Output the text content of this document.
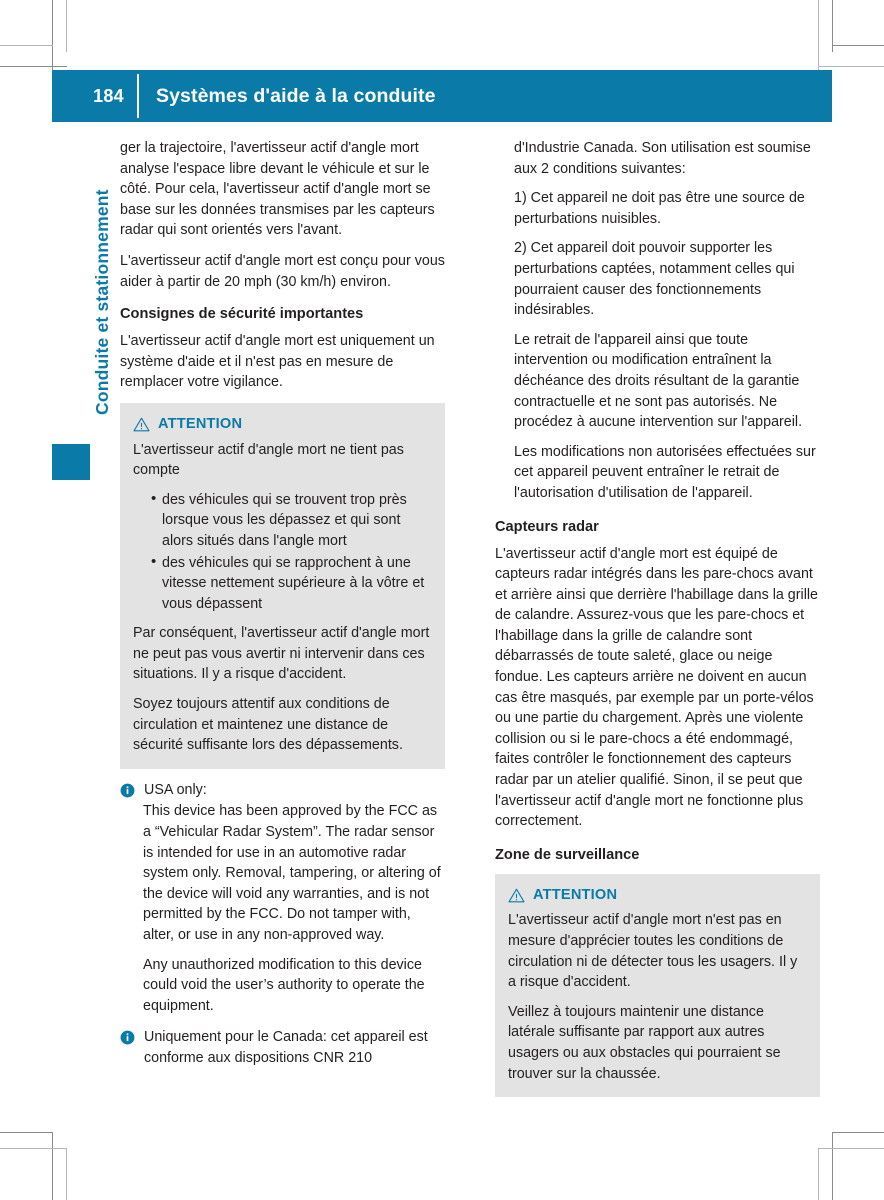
184	Systèmes d'aide à la conduite
Conduite et stationnement

ger la trajectoire, l'avertisseur actif d'angle mort analyse l'espace libre devant le véhicule et sur le côté. Pour cela, l'avertisseur actif d'angle mort se base sur les données transmises par les capteurs radar qui sont orientés vers l'avant.

L'avertisseur actif d'angle mort est conçu pour vous aider à partir de 20 mph (30 km/h) environ.

Consignes de sécurité importantes

L'avertisseur actif d'angle mort est uniquement un système d'aide et il n'est pas en mesure de remplacer votre vigilance.

ATTENTION

L'avertisseur actif d'angle mort ne tient pas compte

• des véhicules qui se trouvent trop près lorsque vous les dépassez et qui sont alors situés dans l'angle mort
• des véhicules qui se rapprochent à une vitesse nettement supérieure à la vôtre et vous dépassent

Par conséquent, l'avertisseur actif d'angle mort ne peut pas vous avertir ni intervenir dans ces situations. Il y a risque d'accident.

Soyez toujours attentif aux conditions de circulation et maintenez une distance de sécurité suffisante lors des dépassements.

USA only:

This device has been approved by the FCC as a “Vehicular Radar System”. The radar sensor is intended for use in an automotive radar system only. Removal, tampering, or altering of the device will void any warranties, and is not permitted by the FCC. Do not tamper with, alter, or use in any non-approved way.

Any unauthorized modification to this device could void the user’s authority to operate the equipment.

Uniquement pour le Canada: cet appareil est conforme aux dispositions CNR 210

d'Industrie Canada. Son utilisation est soumise aux 2 conditions suivantes:

1) Cet appareil ne doit pas être une source de perturbations nuisibles.

2) Cet appareil doit pouvoir supporter les perturbations captées, notamment celles qui pourraient causer des fonctionnements indésirables.

Le retrait de l'appareil ainsi que toute intervention ou modification entraînent la déchéance des droits résultant de la garantie contractuelle et ne sont pas autorisés. Ne procédez à aucune intervention sur l'appareil.

Les modifications non autorisées effectuées sur cet appareil peuvent entraîner le retrait de l'autorisation d'utilisation de l'appareil.

Capteurs radar

L'avertisseur actif d'angle mort est équipé de capteurs radar intégrés dans les pare-chocs avant et arrière ainsi que derrière l'habillage dans la grille de calandre. Assurez-vous que les pare-chocs et l'habillage dans la grille de calandre sont débarrassés de toute saleté, glace ou neige fondue. Les capteurs arrière ne doivent en aucun cas être masqués, par exemple par un porte-vélos ou une partie du chargement. Après une violente collision ou si le pare-chocs a été endommagé, faites contrôler le fonctionnement des capteurs radar par un atelier qualifié. Sinon, il se peut que l'avertisseur actif d'angle mort ne fonctionne plus correctement.

Zone de surveillance
ATTENTION

L'avertisseur actif d'angle mort n'est pas en mesure d'apprécier toutes les conditions de circulation ni de détecter tous les usagers. Il y a risque d'accident.

Veillez à toujours maintenir une distance latérale suffisante par rapport aux autres usagers ou aux obstacles qui pourraient se trouver sur la chaussée.
